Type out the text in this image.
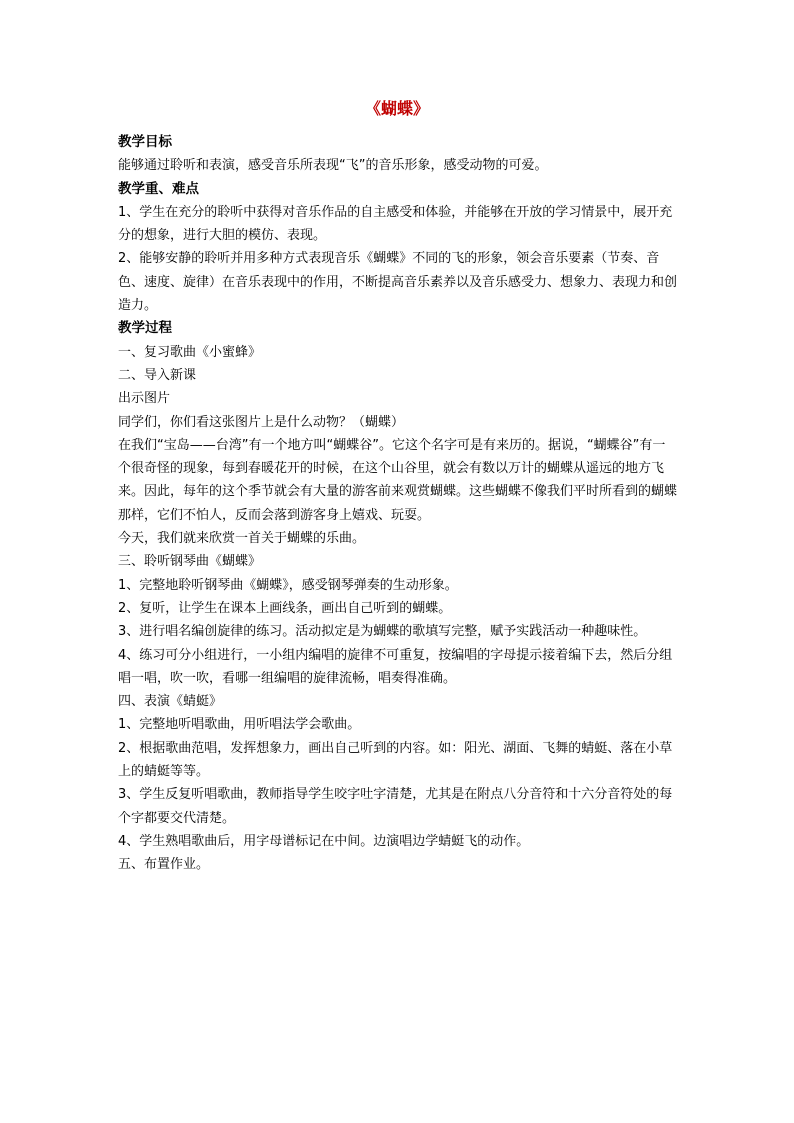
《蝴蝶》

教学目标

能够通过聆听和表演，感受音乐所表现“飞”的音乐形象，感受动物的可爱。

教学重、难点

1、学生在充分的聆听中获得对音乐作品的自主感受和体验，并能够在开放的学习情景中，展开充分的想象，进行大胆的模仿、表现。

2、能够安静的聆听并用多种方式表现音乐《蝴蝶》不同的飞的形象，领会音乐要素（节奏、音色、速度、旋律）在音乐表现中的作用，不断提高音乐素养以及音乐感受力、想象力、表现力和创造力。

教学过程

一、复习歌曲《小蜜蜂》

二、导入新课

出示图片

同学们，你们看这张图片上是什么动物？（蝴蝶）

在我们“宝岛——台湾”有一个地方叫“蝴蝶谷”。它这个名字可是有来历的。据说，“蝴蝶谷”有一个很奇怪的现象，每到春暖花开的时候，在这个山谷里，就会有数以万计的蝴蝶从遥远的地方飞来。因此，每年的这个季节就会有大量的游客前来观赏蝴蝶。这些蝴蝶不像我们平时所看到的蝴蝶那样，它们不怕人，反而会落到游客身上嬉戏、玩耍。

今天，我们就来欣赏一首关于蝴蝶的乐曲。

三、聆听钢琴曲《蝴蝶》

1、完整地聆听钢琴曲《蝴蝶》，感受钢琴弹奏的生动形象。

2、复听，让学生在课本上画线条，画出自己听到的蝴蝶。

3、进行唱名编创旋律的练习。活动拟定是为蝴蝶的歌填写完整，赋予实践活动一种趣味性。

4、练习可分小组进行，一小组内编唱的旋律不可重复，按编唱的字母提示接着编下去，然后分组唱一唱，吹一吹，看哪一组编唱的旋律流畅，唱奏得准确。

四、表演《蜻蜓》

1、完整地听唱歌曲，用听唱法学会歌曲。

2、根据歌曲范唱，发挥想象力，画出自己听到的内容。如：阳光、湖面、飞舞的蜻蜓、落在小草上的蜻蜓等等。

3、学生反复听唱歌曲，教师指导学生咬字吐字清楚，尤其是在附点八分音符和十六分音符处的每个字都要交代清楚。

4、学生熟唱歌曲后，用字母谱标记在中间。边演唱边学蜻蜓飞的动作。

五、布置作业。
